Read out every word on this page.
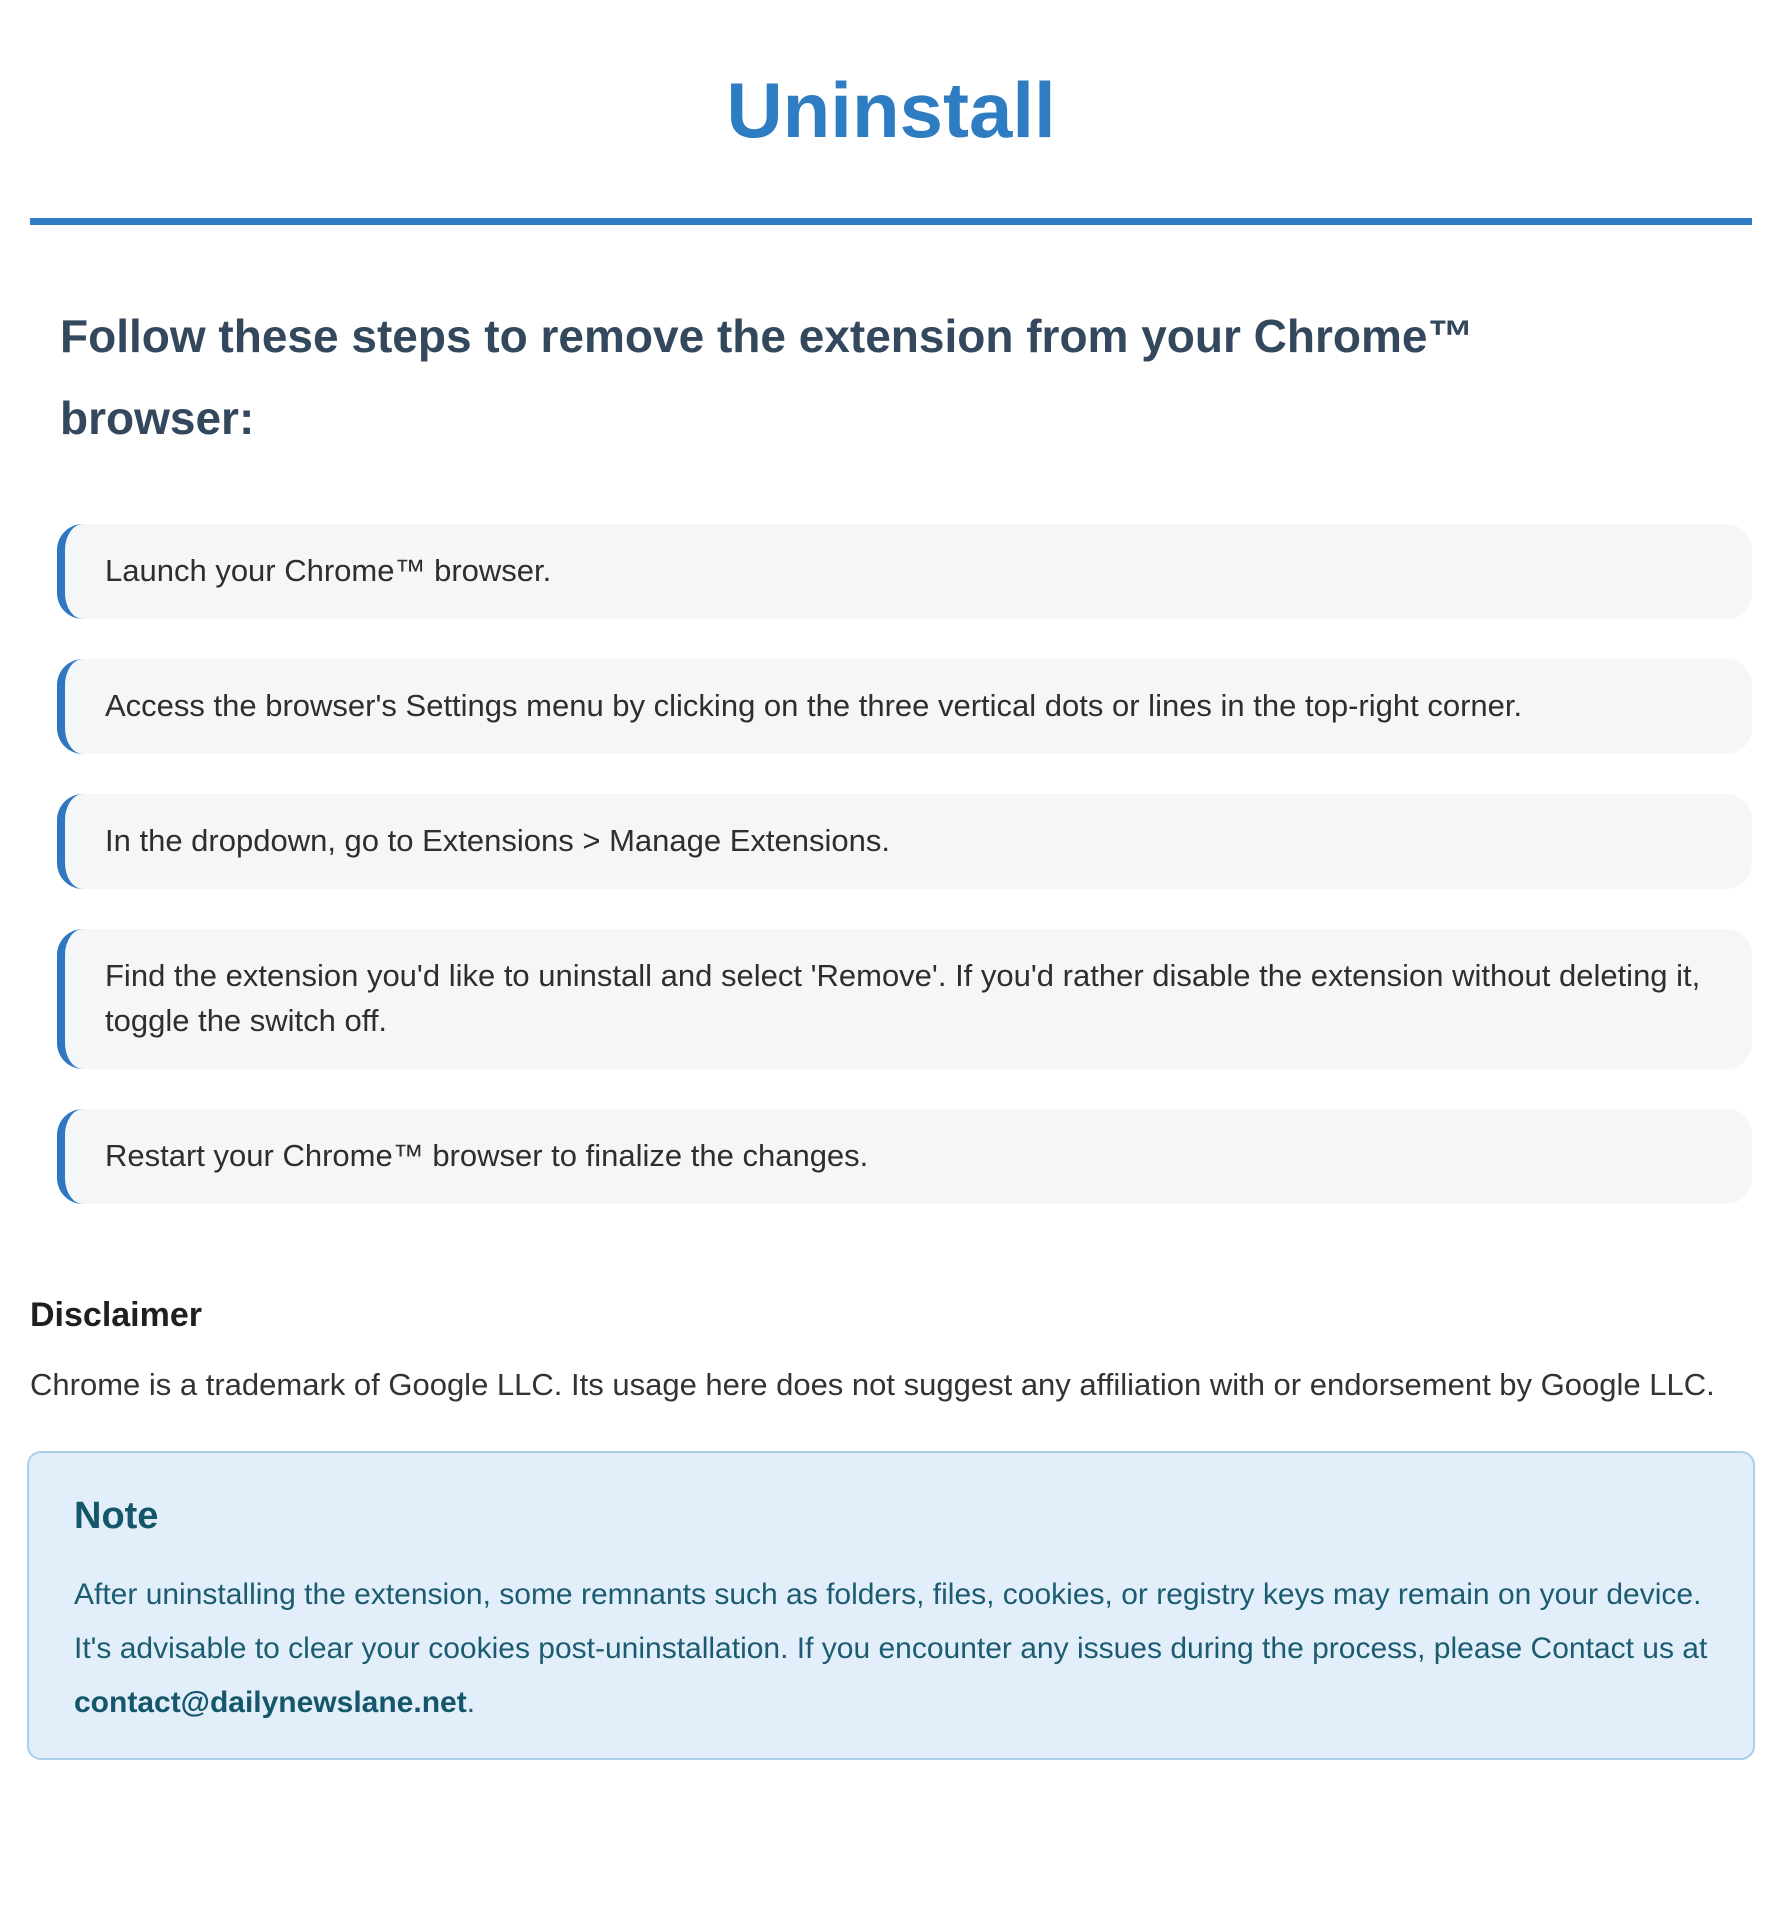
Uninstall
Follow these steps to remove the extension from your Chrome™ browser:
Launch your Chrome™ browser.
Access the browser's Settings menu by clicking on the three vertical dots or lines in the top-right corner.
In the dropdown, go to Extensions > Manage Extensions.
Find the extension you'd like to uninstall and select 'Remove'. If you'd rather disable the extension without deleting it, toggle the switch off.
Restart your Chrome™ browser to finalize the changes.
Disclaimer

Chrome is a trademark of Google LLC. Its usage here does not suggest any affiliation with or endorsement by Google LLC.

Note

After uninstalling the extension, some remnants such as folders, files, cookies, or registry keys may remain on your device. It's advisable to clear your cookies post-uninstallation. If you encounter any issues during the process, please Contact us at contact@dailynewslane.net.
